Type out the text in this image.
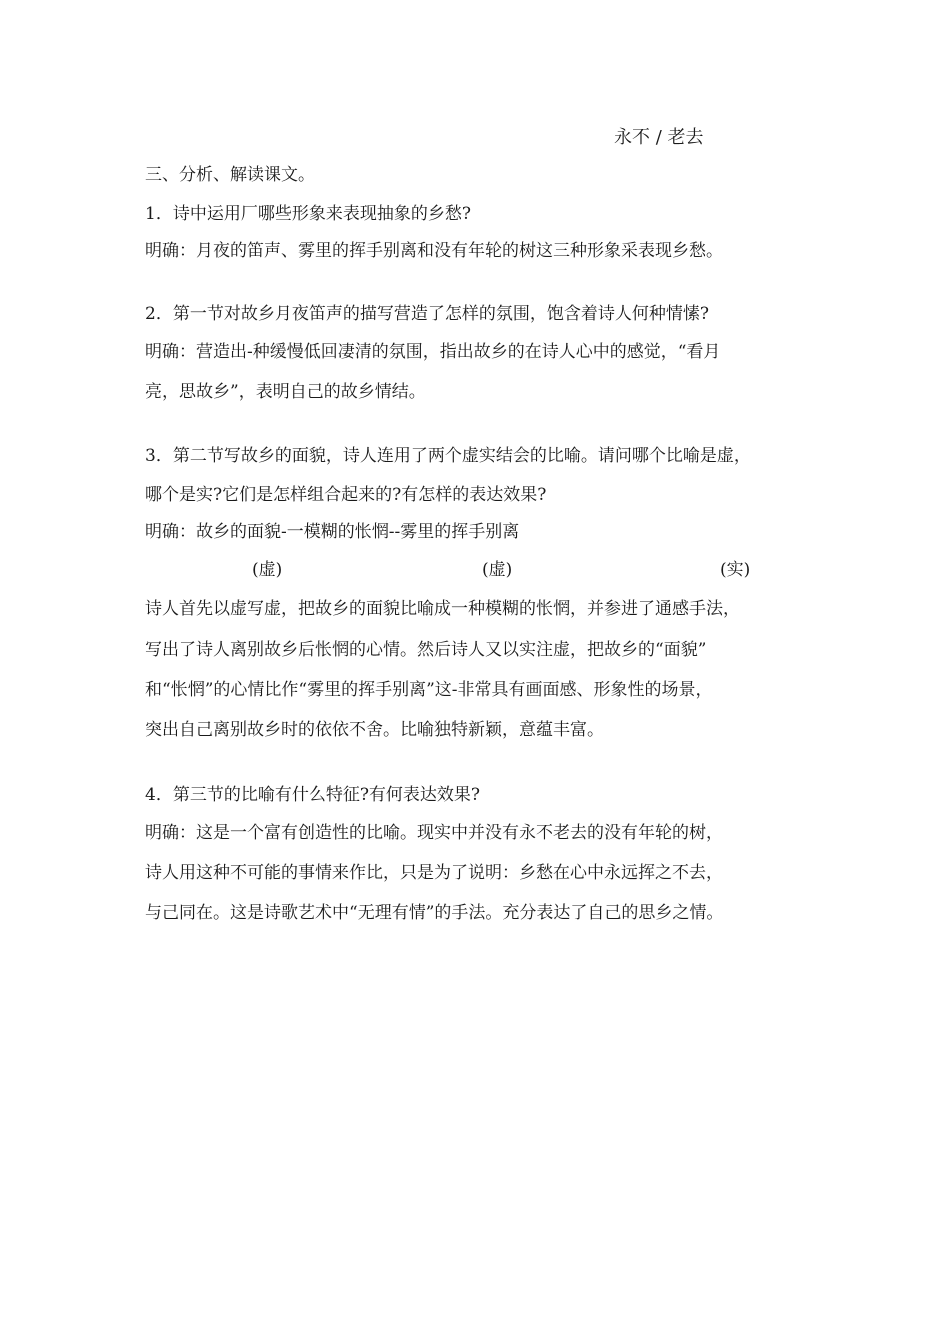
永不 / 老去
三、分析、解读课文。
1．诗中运用厂哪些形象来表现抽象的乡愁?
明确：月夜的笛声、雾里的挥手别离和没有年轮的树这三种形象采表现乡愁。
2．第一节对故乡月夜笛声的描写营造了怎样的氛围，饱含着诗人何种情愫?
明确：营造出-种缓慢低回凄清的氛围，指出故乡的在诗人心中的感觉，“看月
亮，思故乡”，表明自己的故乡情结。
3．第二节写故乡的面貌，诗人连用了两个虚实结会的比喻。请问哪个比喻是虚，
哪个是实?它们是怎样组合起来的?有怎样的表达效果?
明确：故乡的面貌-一模糊的怅惘--雾里的挥手别离
(虚)	(虚)	(实)
诗人首先以虚写虚，把故乡的面貌比喻成一种模糊的怅惘，并参进了通感手法，
写出了诗人离别故乡后怅惘的心情。然后诗人又以实注虚，把故乡的“面貌”
和“怅惘”的心情比作“雾里的挥手别离”这-非常具有画面感、形象性的场景，
突出自己离别故乡时的依依不舍。比喻独特新颖，意蕴丰富。
4．第三节的比喻有什么特征?有何表达效果?
明确：这是一个富有创造性的比喻。现实中并没有永不老去的没有年轮的树，
诗人用这种不可能的事情来作比，只是为了说明：乡愁在心中永远挥之不去，
与己同在。这是诗歌艺术中“无理有情”的手法。充分表达了自己的思乡之情。
